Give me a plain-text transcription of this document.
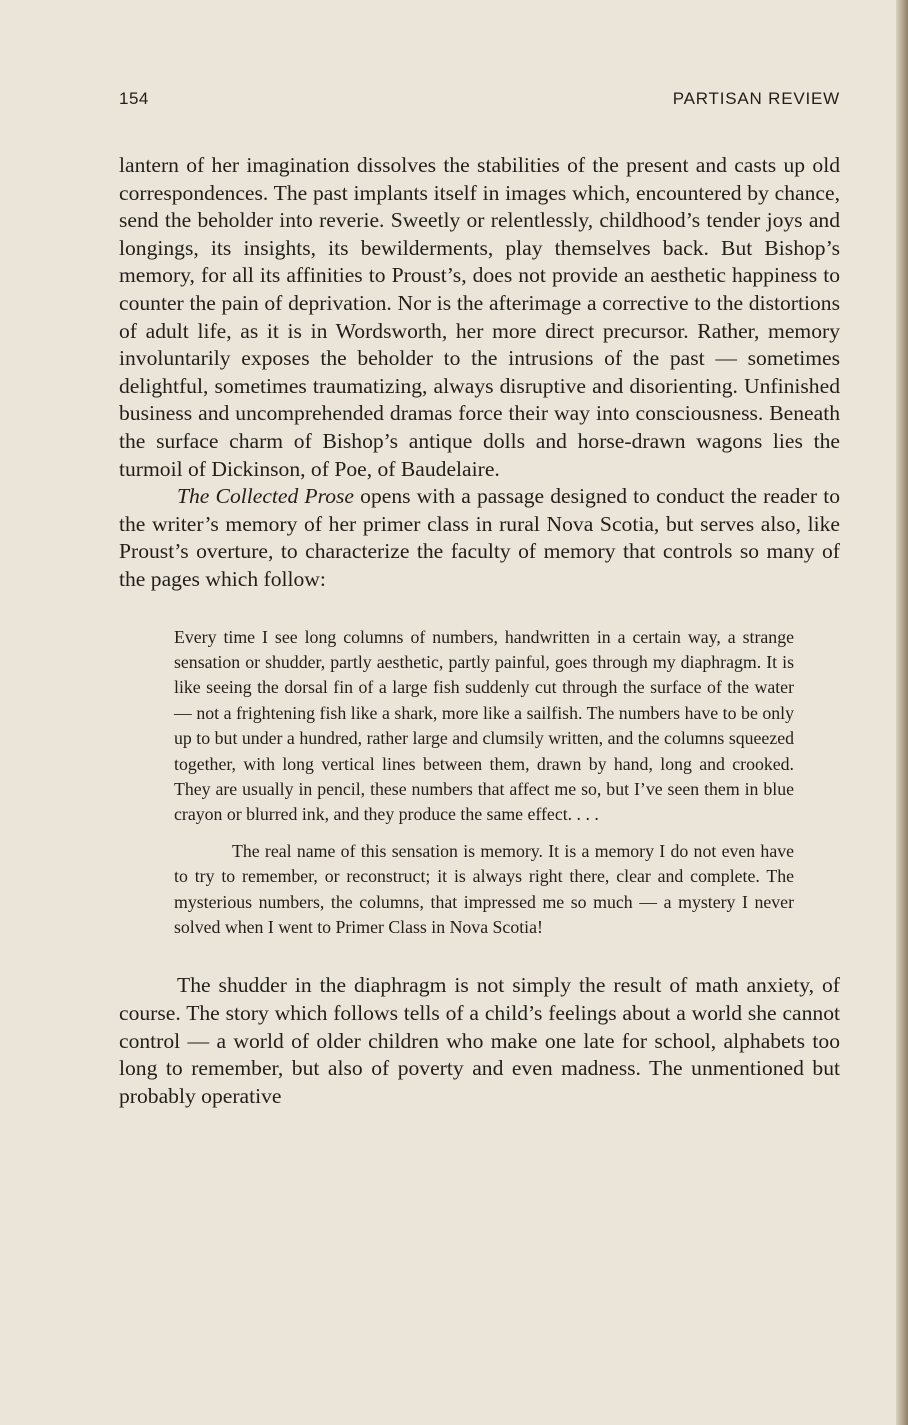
154	PARTISAN REVIEW

lantern of her imagination dissolves the stabilities of the present and casts up old correspondences. The past implants itself in images which, encountered by chance, send the beholder into reverie. Sweetly or relentlessly, childhood’s tender joys and longings, its insights, its bewilderments, play themselves back. But Bishop’s memory, for all its affinities to Proust’s, does not provide an aesthetic happiness to counter the pain of deprivation. Nor is the afterimage a corrective to the distortions of adult life, as it is in Wordsworth, her more direct precursor. Rather, memory involuntarily exposes the beholder to the intrusions of the past — sometimes delightful, sometimes traumatizing, always disruptive and disorienting. Unfinished business and uncomprehended dramas force their way into consciousness. Beneath the surface charm of Bishop’s antique dolls and horse-drawn wagons lies the turmoil of Dickinson, of Poe, of Baudelaire.

The Collected Prose opens with a passage designed to conduct the reader to the writer’s memory of her primer class in rural Nova Scotia, but serves also, like Proust’s overture, to characterize the faculty of memory that controls so many of the pages which follow:

Every time I see long columns of numbers, handwritten in a certain way, a strange sensation or shudder, partly aesthetic, partly painful, goes through my diaphragm. It is like seeing the dorsal fin of a large fish suddenly cut through the surface of the water — not a frightening fish like a shark, more like a sailfish. The numbers have to be only up to but under a hundred, rather large and clumsily written, and the columns squeezed together, with long vertical lines between them, drawn by hand, long and crooked. They are usually in pencil, these numbers that affect me so, but I’ve seen them in blue crayon or blurred ink, and they produce the same effect. . . .

The real name of this sensation is memory. It is a memory I do not even have to try to remember, or reconstruct; it is always right there, clear and complete. The mysterious numbers, the columns, that impressed me so much — a mystery I never solved when I went to Primer Class in Nova Scotia!

The shudder in the diaphragm is not simply the result of math anxiety, of course. The story which follows tells of a child’s feelings about a world she cannot control — a world of older children who make one late for school, alphabets too long to remember, but also of poverty and even madness. The unmentioned but probably operative
